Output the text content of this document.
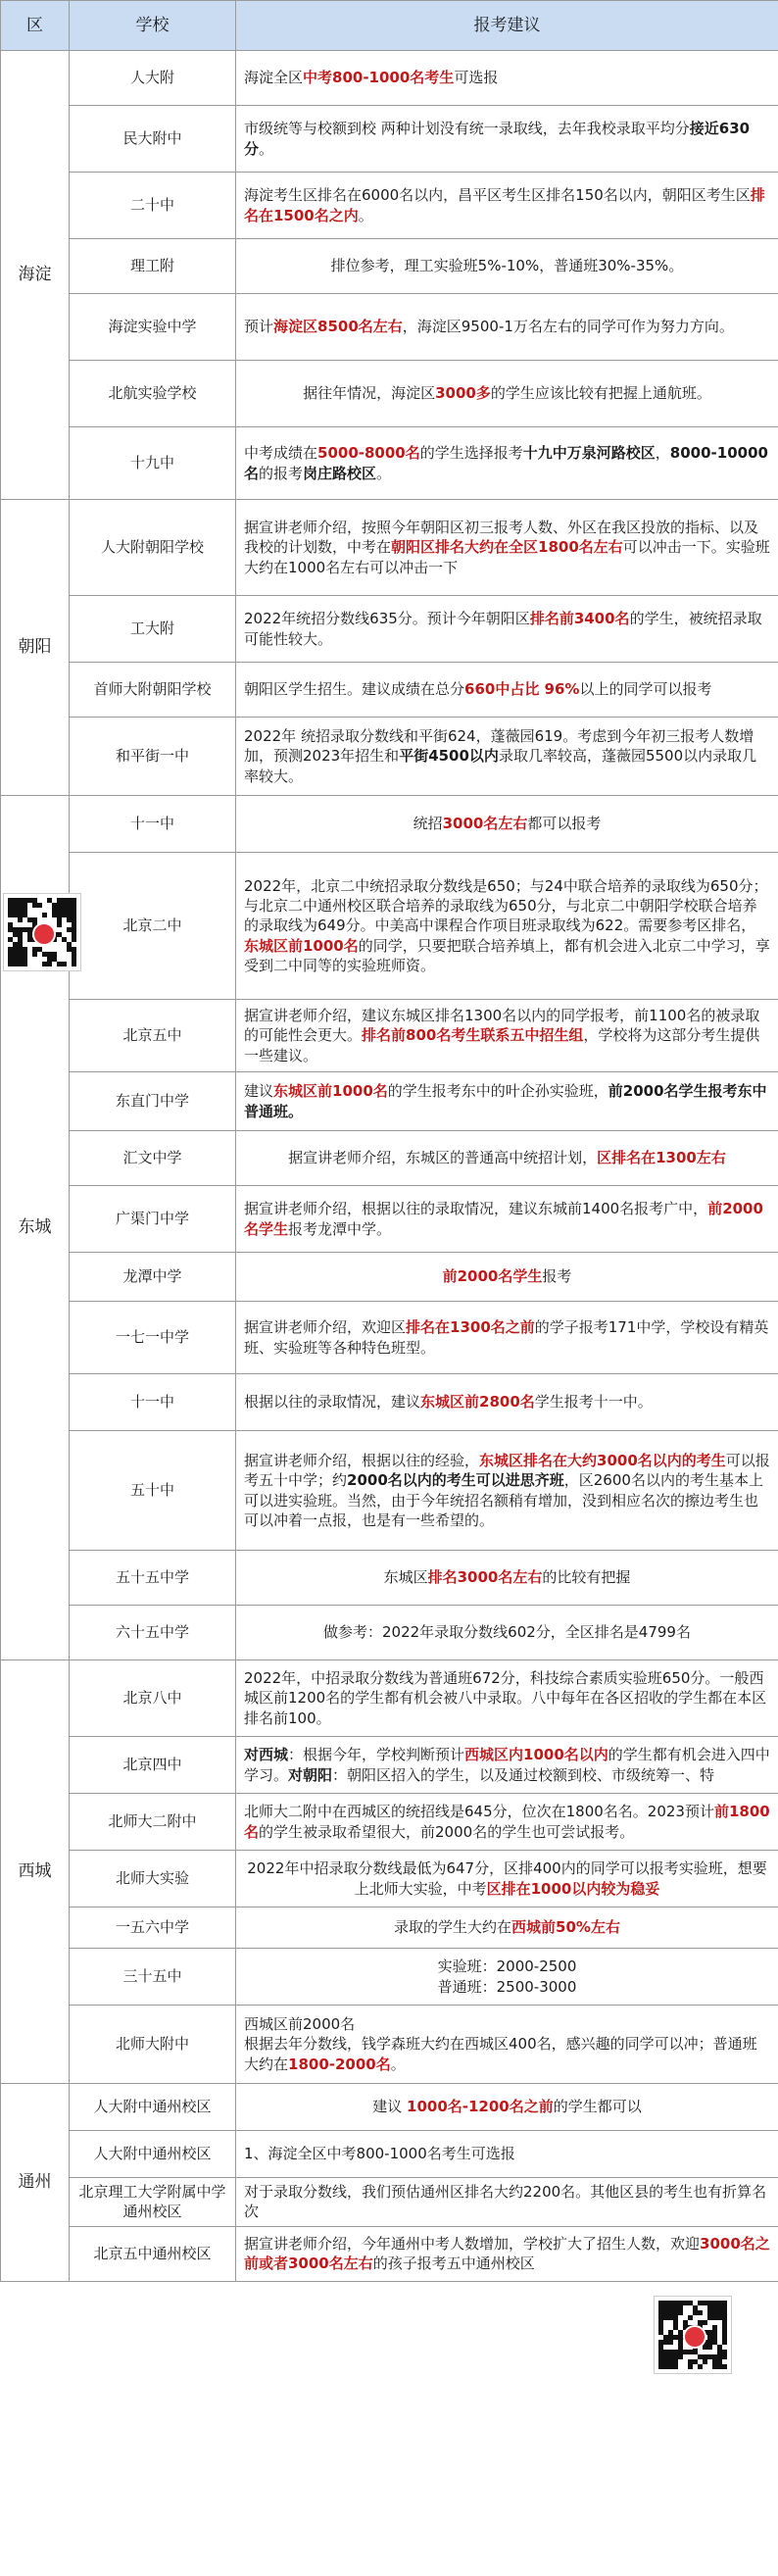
区	学校	报考建议
海淀	人大附	海淀全区中考800-1000名考生可选报
	民大附中	市级统等与校额到校 两种计划没有统一录取线，去年我校录取平均分接近630分。
	二十中	海淀考生区排名在6000名以内，昌平区考生区排名150名以内，朝阳区考生区排名在1500名之内。
	理工附	排位参考，理工实验班5%-10%，普通班30%-35%。
	海淀实验中学	预计海淀区8500名左右，海淀区9500-1万名左右的同学可作为努力方向。
	北航实验学校	据往年情况，海淀区3000多的学生应该比较有把握上通航班。
	十九中	中考成绩在5000-8000名的学生选择报考十九中万泉河路校区，8000-10000名的报考岗庄路校区。
朝阳	人大附朝阳学校	据宣讲老师介绍，按照今年朝阳区初三报考人数、外区在我区投放的指标、以及我校的计划数，中考在朝阳区排名大约在全区1800名左右可以冲击一下。实验班大约在1000名左右可以冲击一下
	工大附	2022年统招分数线635分。预计今年朝阳区排名前3400名的学生，被统招录取可能性较大。
	首师大附朝阳学校	朝阳区学生招生。建议成绩在总分660中占比 96%以上的同学可以报考
	和平街一中	2022年 统招录取分数线和平街624，蓬薇园619。考虑到今年初三报考人数增加，预测2023年招生和平街4500以内录取几率较高，蓬薇园5500以内录取几率较大。
东城	十一中	统招3000名左右都可以报考
	北京二中	2022年，北京二中统招录取分数线是650；与24中联合培养的录取线为650分；与北京二中通州校区联合培养的录取线为650分，与北京二中朝阳学校联合培养的录取线为649分。中美高中课程合作项目班录取线为622。需要参考区排名，东城区前1000名的同学，只要把联合培养填上，都有机会进入北京二中学习，享受到二中同等的实验班师资。
	北京五中	据宣讲老师介绍，建议东城区排名1300名以内的同学报考，前1100名的被录取的可能性会更大。排名前800名考生联系五中招生组，学校将为这部分考生提供一些建议。
	东直门中学	建议东城区前1000名的学生报考东中的叶企孙实验班，前2000名学生报考东中普通班。
	汇文中学	据宣讲老师介绍，东城区的普通高中统招计划，区排名在1300左右
	广渠门中学	据宣讲老师介绍，根据以往的录取情况，建议东城前1400名报考广中，前2000名学生报考龙潭中学。
	龙潭中学	前2000名学生报考
	一七一中学	据宣讲老师介绍，欢迎区排名在1300名之前的学子报考171中学，学校设有精英班、实验班等各种特色班型。
	十一中	根据以往的录取情况，建议东城区前2800名学生报考十一中。
	五十中	据宣讲老师介绍，根据以往的经验，东城区排名在大约3000名以内的考生可以报考五十中学；约2000名以内的考生可以进思齐班，区2600名以内的考生基本上可以进实验班。当然，由于今年统招名额稍有增加，没到相应名次的擦边考生也可以冲着一点报，也是有一些希望的。
	五十五中学	东城区排名3000名左右的比较有把握
	六十五中学	做参考：2022年录取分数线602分，全区排名是4799名
西城	北京八中	2022年，中招录取分数线为普通班672分，科技综合素质实验班650分。一般西城区前1200名的学生都有机会被八中录取。八中每年在各区招收的学生都在本区排名前100。
	北京四中	对西城：根据今年，学校判断预计西城区内1000名以内的学生都有机会进入四中学习。对朝阳：朝阳区招入的学生，以及通过校额到校、市级统筹一、特
	北师大二附中	北师大二附中在西城区的统招线是645分，位次在1800名名。2023预计前1800名的学生被录取希望很大，前2000名的学生也可尝试报考。
	北师大实验	2022年中招录取分数线最低为647分，区排400内的同学可以报考实验班，想要上北师大实验，中考区排在1000以内较为稳妥
	一五六中学	录取的学生大约在西城前50%左右
	三十五中	实验班：2000-2500
普通班：2500-3000
	北师大附中	西城区前2000名
根据去年分数线，钱学森班大约在西城区400名，感兴趣的同学可以冲；普通班大约在1800-2000名。
通州	人大附中通州校区	建议 1000名-1200名之前的学生都可以
	人大附中通州校区	1、海淀全区中考800-1000名考生可选报
	北京理工大学附属中学通州校区	对于录取分数线，我们预估通州区排名大约2200名。其他区县的考生也有折算名次
	北京五中通州校区	据宣讲老师介绍，今年通州中考人数增加，学校扩大了招生人数，欢迎3000名之前或者3000名左右的孩子报考五中通州校区
